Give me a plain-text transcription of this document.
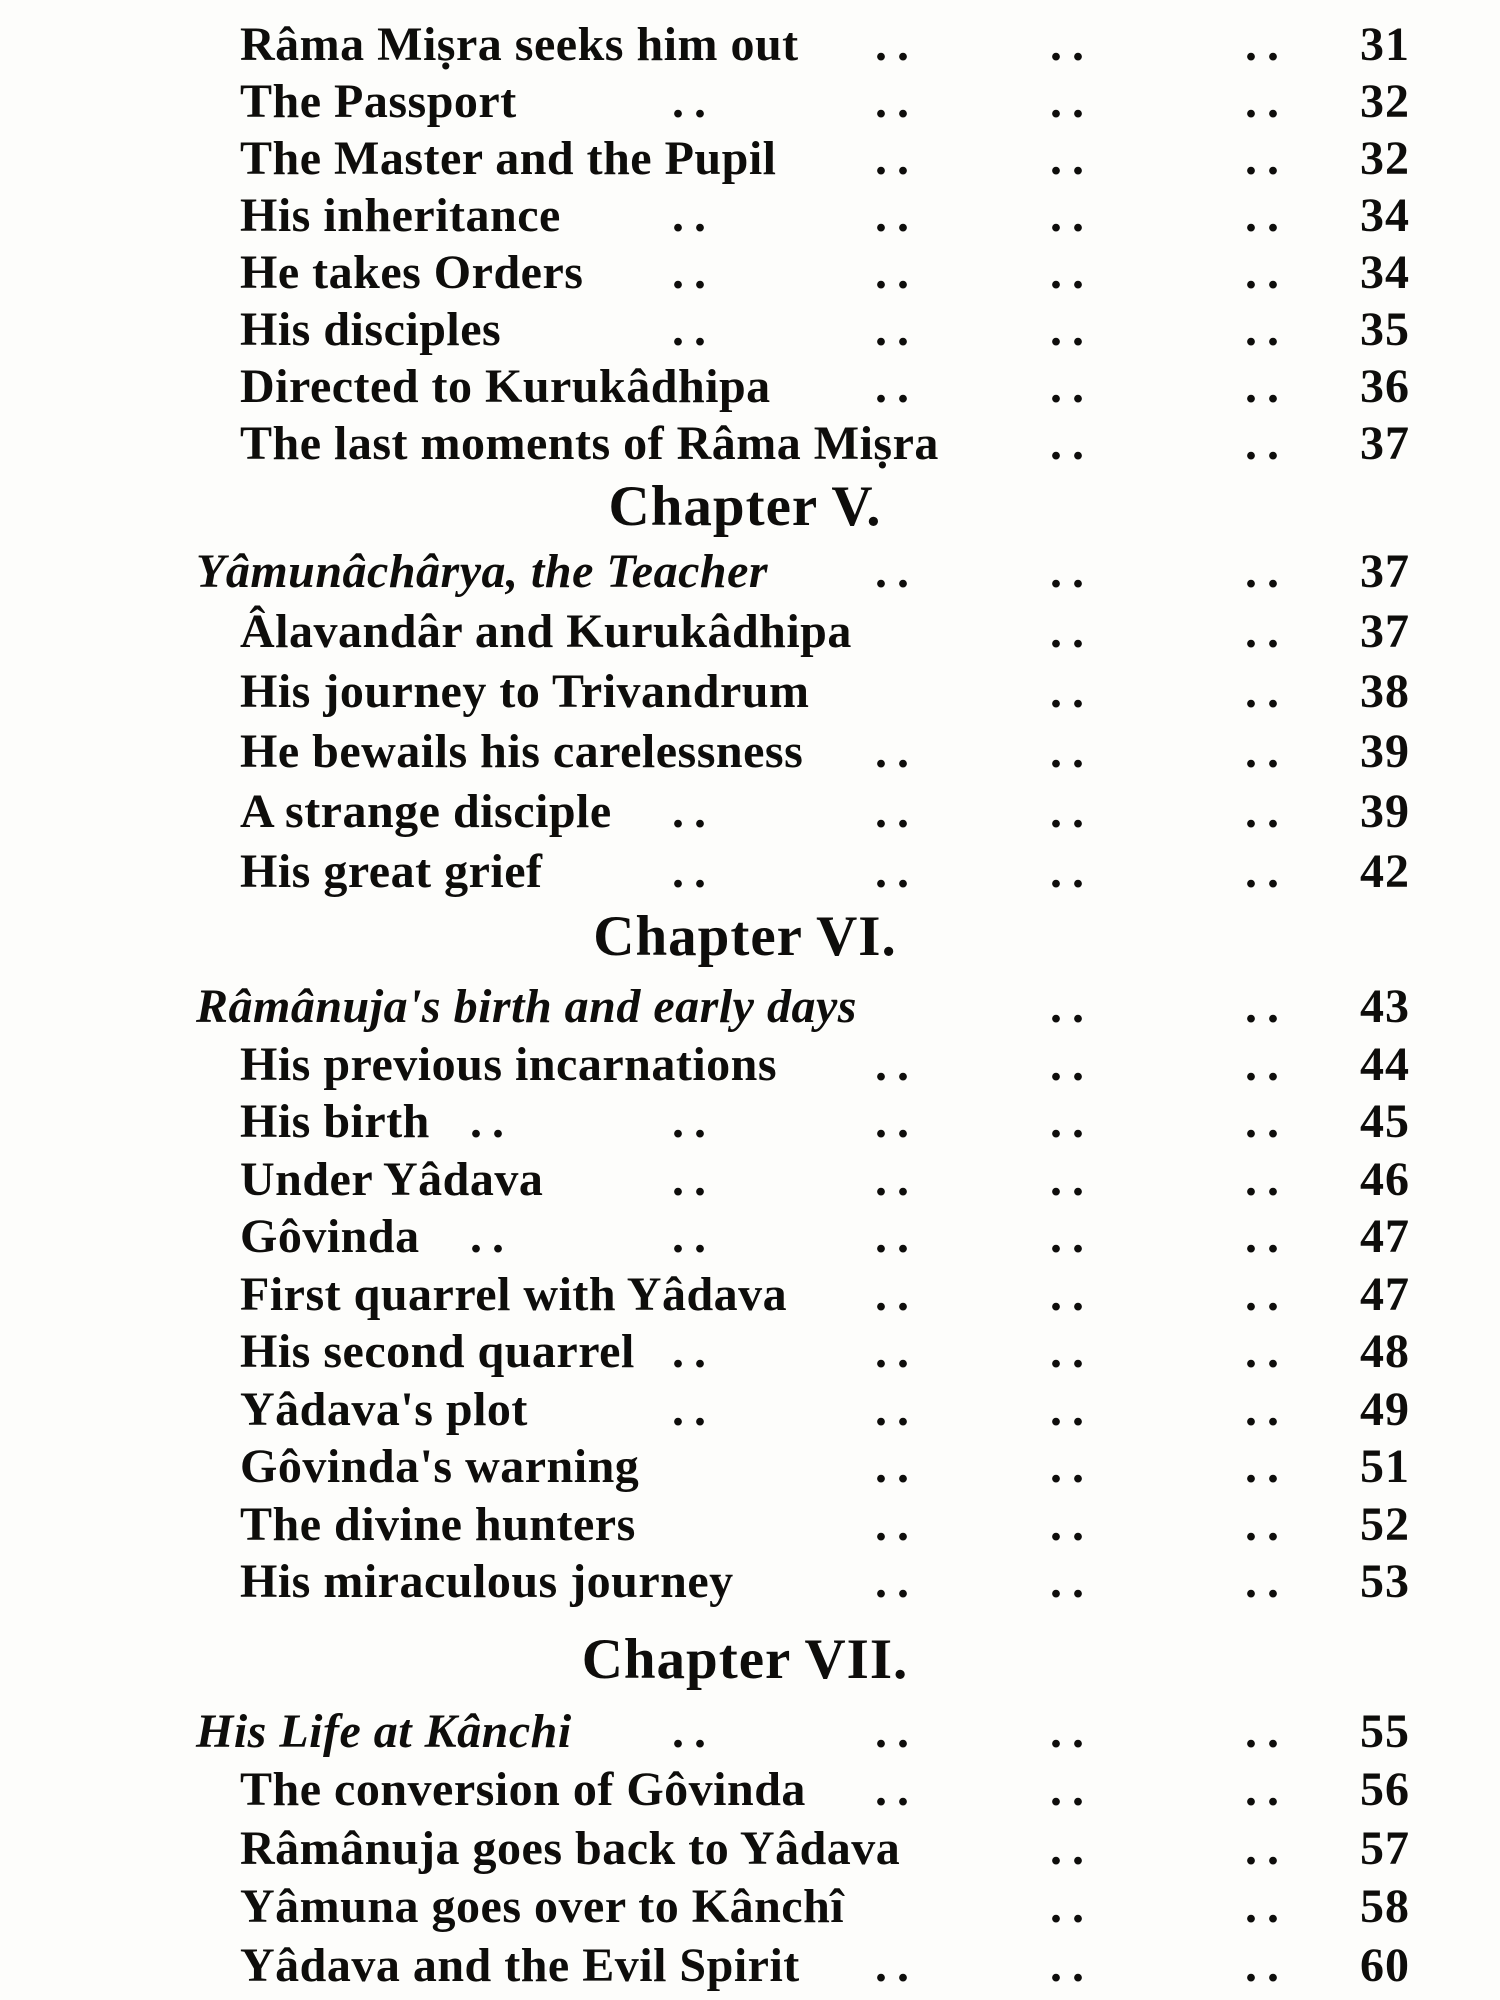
Râma Miṣra seeks him out ..	..	..	31
The Passport	..	..	..	..	32
The Master and the Pupil ..	..	..	32
His inheritance ..	..	..	..	34
He takes Orders ..	..	..	..	34
His disciples	..	..	..	..	35
Directed to Kurukâdhipa ..	..	..	36
The last moments of Râma Miṣra ..	..	37
Chapter V.
Yâmunâchârya, the Teacher ..	..	..	37
Âlavandâr and Kurukâdhipa	..	..	37
His journey to Trivandrum	..	..	38
He bewails his carelessness ..	..	..	39
A strange disciple ..	..	..	..	39
His great grief	..	..	..	..	42
Chapter VI.
Râmânuja's birth and early days	..	..	43
His previous incarnations ..	..	..	44
His birth ..	..	..	..	..	45
Under Yâdava	..	..	..	..	46
Gôvinda ..	..	..	..	..	47
First quarrel with Yâdava ..	..	..	47
His second quarrel ..	..	..	..	48
Yâdava's plot	..	..	..	..	49
Gôvinda's warning	..	..	..	51
The divine hunters	..	..	..	52
His miraculous journey	..	..	..	53
Chapter VII.
His Life at Kânchi ..	..	..	..	55
The conversion of Gôvinda ..	..	..	56
Râmânuja goes back to Yâdava	..	..	57
Yâmuna goes over to Kânchî	..	..	58
Yâdava and the Evil Spirit ..	..	..	60
